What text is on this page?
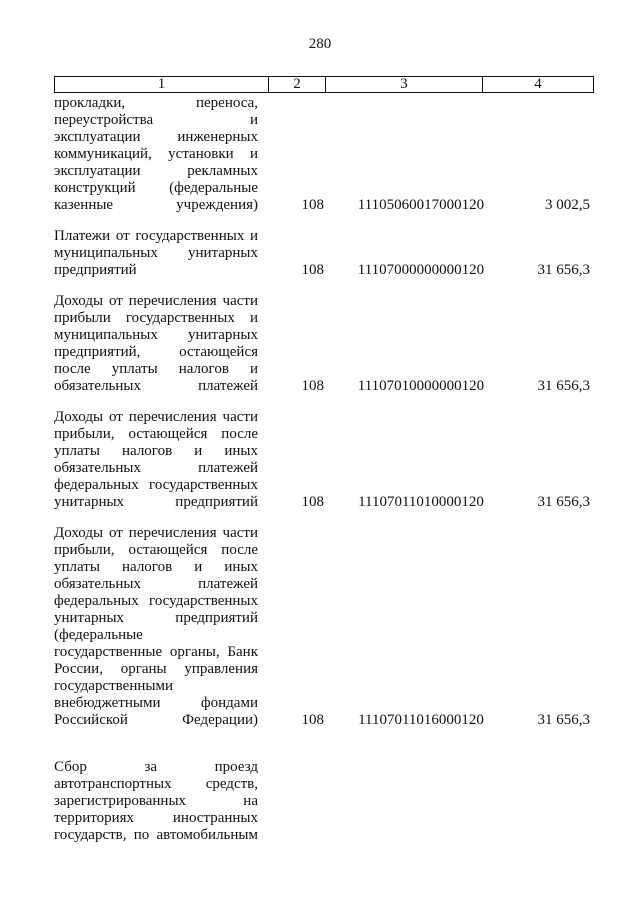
280
1	2	3	4
прокладки, переноса,
переустройства и
эксплуатации инженерных
коммуникаций, установки и
эксплуатации рекламных
конструкций (федеральные
казенные учреждения)	108	11105060017000120	3 002,5
Платежи от государственных и
муниципальных унитарных
предприятий	108	11107000000000120	31 656,3
Доходы от перечисления части
прибыли государственных и
муниципальных унитарных
предприятий, остающейся
после уплаты налогов и
обязательных платежей	108	11107010000000120	31 656,3
Доходы от перечисления части
прибыли, остающейся после
уплаты налогов и иных
обязательных платежей
федеральных государственных
унитарных предприятий	108	11107011010000120	31 656,3
Доходы от перечисления части
прибыли, остающейся после
уплаты налогов и иных
обязательных платежей
федеральных государственных
унитарных предприятий
(федеральные
государственные органы, Банк
России, органы управления
государственными
внебюджетными фондами
Российской Федерации)	108	11107011016000120	31 656,3
Сбор за проезд
автотранспортных средств,
зарегистрированных на
территориях иностранных
государств, по автомобильным
